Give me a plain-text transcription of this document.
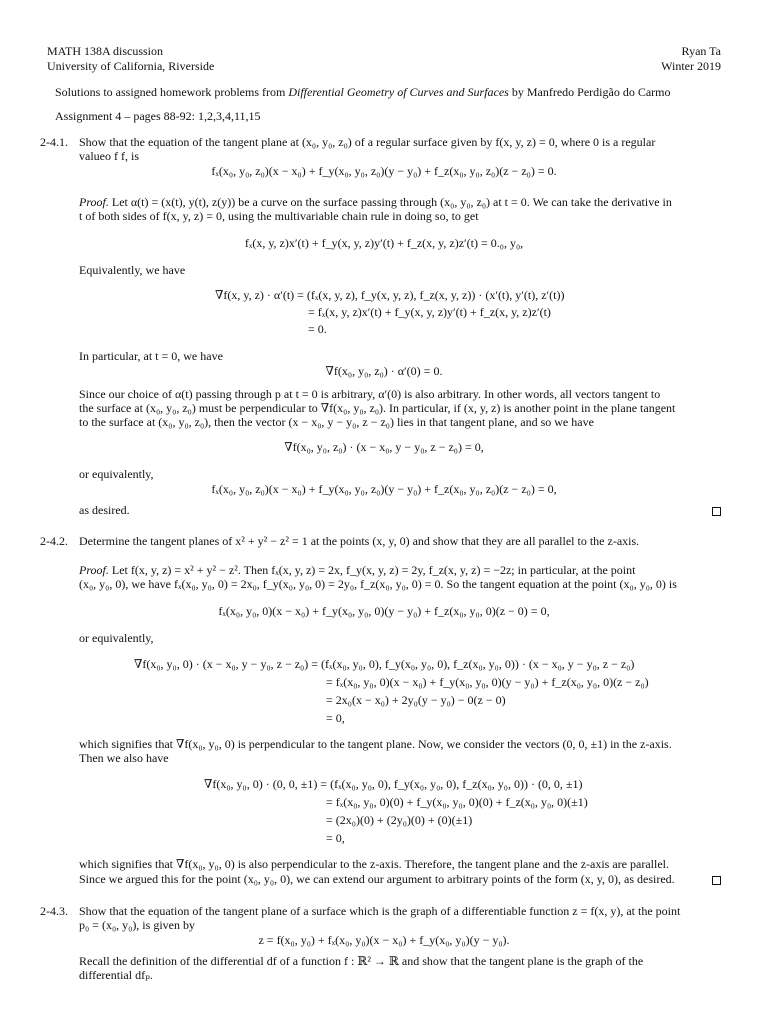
MATH 138A discussion
University of California, Riverside
Ryan Ta
Winter 2019
Solutions to assigned homework problems from Differential Geometry of Curves and Surfaces by Manfredo Perdigão do Carmo
Assignment 4 – pages 88-92: 1,2,3,4,11,15
2-4.1. Show that the equation of the tangent plane at (x₀, y₀, z₀) of a regular surface given by f(x, y, z) = 0, where 0 is a regular
valueo f f, is
fₓ(x₀, y₀, z₀)(x − x₀) + f_y(x₀, y₀, z₀)(y − y₀) + f_z(x₀, y₀, z₀)(z − z₀) = 0.
Proof. Let α(t) = (x(t), y(t), z(y)) be a curve on the surface passing through (x₀, y₀, z₀) at t = 0. We can take the derivative in
t of both sides of f(x, y, z) = 0, using the multivariable chain rule in doing so, to get
fₓ(x, y, z)x′(t) + f_y(x, y, z)y′(t) + f_z(x, y, z)z′(t) = 0.₀, y₀,
Equivalently, we have
∇f(x, y, z) · α′(t) = (fₓ(x, y, z), f_y(x, y, z), f_z(x, y, z)) · (x′(t), y′(t), z′(t))
= fₓ(x, y, z)x′(t) + f_y(x, y, z)y′(t) + f_z(x, y, z)z′(t)
= 0.
In particular, at t = 0, we have
∇f(x₀, y₀, z₀) · α′(0) = 0.
Since our choice of α(t) passing through p at t = 0 is arbitrary, α′(0) is also arbitrary. In other words, all vectors tangent to
the surface at (x₀, y₀, z₀) must be perpendicular to ∇f(x₀, y₀, z₀). In particular, if (x, y, z) is another point in the plane tangent
to the surface at (x₀, y₀, z₀), then the vector (x − x₀, y − y₀, z − z₀) lies in that tangent plane, and so we have
∇f(x₀, y₀, z₀) · (x − x₀, y − y₀, z − z₀) = 0,
or equivalently,
fₓ(x₀, y₀, z₀)(x − x₀) + f_y(x₀, y₀, z₀)(y − y₀) + f_z(x₀, y₀, z₀)(z − z₀) = 0,
as desired.
2-4.2. Determine the tangent planes of x² + y² − z² = 1 at the points (x, y, 0) and show that they are all parallel to the z-axis.
Proof. Let f(x, y, z) = x² + y² − z². Then fₓ(x, y, z) = 2x, f_y(x, y, z) = 2y, f_z(x, y, z) = −2z; in particular, at the point
(x₀, y₀, 0), we have fₓ(x₀, y₀, 0) = 2x₀, f_y(x₀, y₀, 0) = 2y₀, f_z(x₀, y₀, 0) = 0. So the tangent equation at the point (x₀, y₀, 0) is
fₓ(x₀, y₀, 0)(x − x₀) + f_y(x₀, y₀, 0)(y − y₀) + f_z(x₀, y₀, 0)(z − 0) = 0,
or equivalently,
∇f(x₀, y₀, 0) · (x − x₀, y − y₀, z − z₀) = (fₓ(x₀, y₀, 0), f_y(x₀, y₀, 0), f_z(x₀, y₀, 0)) · (x − x₀, y − y₀, z − z₀)
= fₓ(x₀, y₀, 0)(x − x₀) + f_y(x₀, y₀, 0)(y − y₀) + f_z(x₀, y₀, 0)(z − z₀)
= 2x₀(x − x₀) + 2y₀(y − y₀) − 0(z − 0)
= 0,
which signifies that ∇f(x₀, y₀, 0) is perpendicular to the tangent plane. Now, we consider the vectors (0, 0, ±1) in the z-axis.
Then we also have
∇f(x₀, y₀, 0) · (0, 0, ±1) = (fₓ(x₀, y₀, 0), f_y(x₀, y₀, 0), f_z(x₀, y₀, 0)) · (0, 0, ±1)
= fₓ(x₀, y₀, 0)(0) + f_y(x₀, y₀, 0)(0) + f_z(x₀, y₀, 0)(±1)
= (2x₀)(0) + (2y₀)(0) + (0)(±1)
= 0,
which signifies that ∇f(x₀, y₀, 0) is also perpendicular to the z-axis. Therefore, the tangent plane and the z-axis are parallel.
Since we argued this for the point (x₀, y₀, 0), we can extend our argument to arbitrary points of the form (x, y, 0), as desired.
2-4.3. Show that the equation of the tangent plane of a surface which is the graph of a differentiable function z = f(x, y), at the point
p₀ = (x₀, y₀), is given by
z = f(x₀, y₀) + fₓ(x₀, y₀)(x − x₀) + f_y(x₀, y₀)(y − y₀).
Recall the definition of the differential df of a function f : ℝ² → ℝ and show that the tangent plane is the graph of the
differential dfₚ.
